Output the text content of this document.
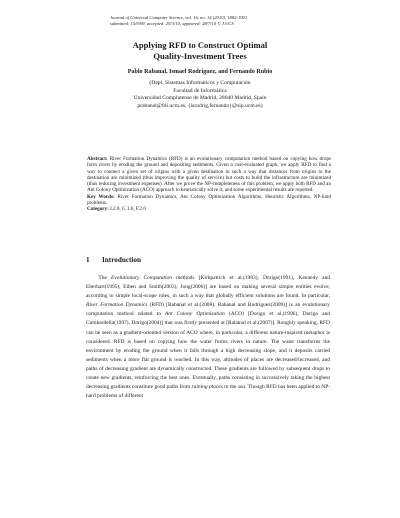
Journal of Universal Computer Science, vol. 16, no. 14 (2010), 1882-1901
submitted: 15/9/09, accepted: 29/3/10, appeared: 28/7/10 © J.UCS
Applying RFD to Construct Optimal
Quality-Investment Trees
Pablo Rabanal, Ismael Rodríguez, and Fernando Rubio
(Dept. Sistemas Informáticos y Computación
Facultad de Informática
Universidad Complutense de Madrid, 28040 Madrid, Spain
prabanal@fdi.ucm.es, {isrodrig,fernando}@sip.ucm.es)
Abstract: River Formation Dynamics (RFD) is an evolutionary computation method based on copying how drops form rivers by eroding the ground and depositing sediments. Given a cost-evaluated graph, we apply RFD to find a way to connect a given set of origins with a given destination in such a way that distances from origins to the destination are minimized (thus improving the quality of service) but costs to build the infrastructure are minimized (thus reducing investment expenses). After we prove the NP-completeness of this problem, we apply both RFD and an Ant Colony Optimization (ACO) approach to heuristically solve it, and some experimental results are reported.
Key Words: River Formation Dynamics, Ant Colony Optimization Algorithms, Heuristic Algorithms, NP-hard problems.
Category: I.2.8, G.1.6, F.2.0
1 Introduction

The Evolutionary Computation methods [Kirkpatrick et al.(1983), Dorigo(1991), Kennedy and Eberhart(1995), Eiben and Smith(2003), Jong(2006)] are based on making several simple entities evolve, according to simple local-scope rules, in such a way that globally efficient solutions are found. In particular, River Formation Dynamics (RFD) [Rabanal et al.(2008), Rabanal and Rodríguez(2009)] is an evolutionary computation method related to Ant Colony Optimization (ACO) [Dorigo et al.(1996), Dorigo and Gambardella(1997), Dorigo(2004)] that was firstly presented at [Rabanal et al.(2007)]. Roughly speaking, RFD can be seen as a gradient-oriented version of ACO where, in particular, a different nature-inspired metaphor is considered. RFD is based on copying how the water forms rivers in nature. The water transforms the environment by eroding the ground when it falls through a high decreasing slope, and it deposits carried sediments when a more flat ground is reached. In this way, altitudes of places are decreased/increased, and paths of decreasing gradient are dynamically constructed. These gradients are followed by subsequent drops to create new gradients, reinforcing the best ones. Eventually, paths consisting in successively taking the highest decreasing gradients constitute good paths from raining places to the sea. Though RFD has been applied to NP-hard problems of different
